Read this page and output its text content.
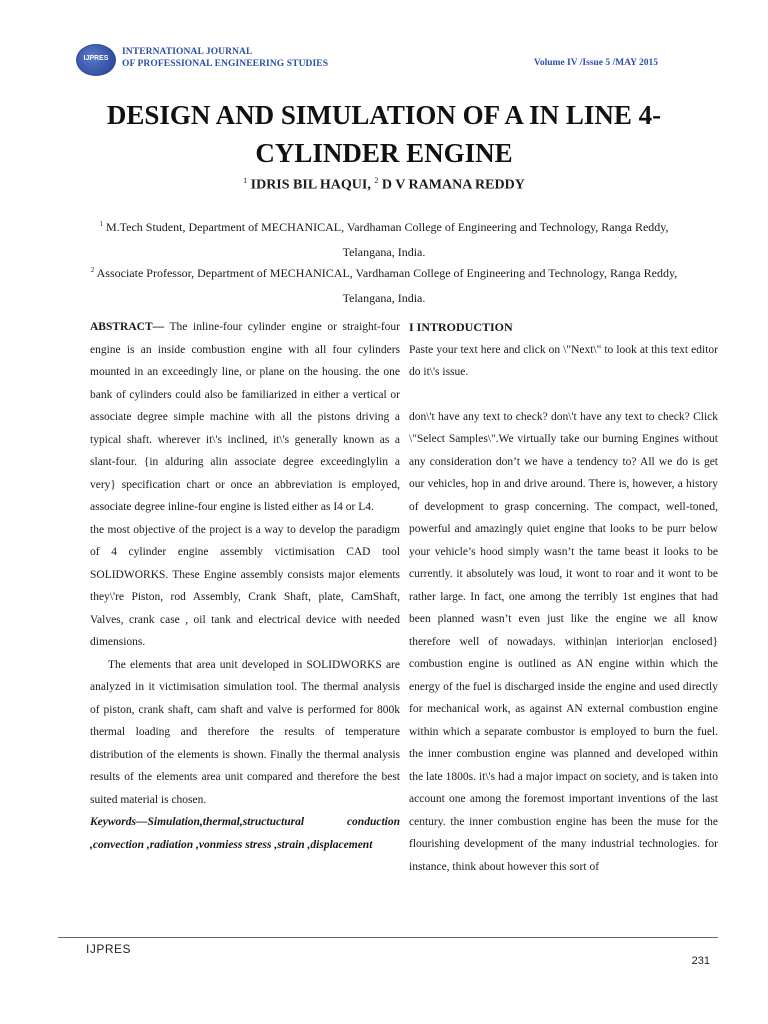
IJPRES
INTERNATIONAL JOURNAL
OF PROFESSIONAL ENGINEERING STUDIES	Volume IV /Issue 5 /MAY 2015
DESIGN AND SIMULATION OF A IN LINE 4-
CYLINDER ENGINE
$^1$ IDRIS BIL HAQUI, $^2$ D V RAMANA REDDY
$^1$ M.Tech Student, Department of MECHANICAL, Vardhaman College of Engineering and Technology, Ranga Reddy, Telangana, India.
$^2$ Associate Professor, Department of MECHANICAL, Vardhaman College of Engineering and Technology, Ranga Reddy, Telangana, India.

ABSTRACT— The inline-four cylinder engine or straight-four engine is an inside combustion engine with all four cylinders mounted in an exceedingly line, or plane on the housing. the one bank of cylinders could also be familiarized in either a vertical or associate degree simple machine with all the pistons driving a typical shaft. wherever it\'s inclined, it\'s generally known as a slant-four. {in alduring alin associate degree exceedinglylin a very} specification chart or once an abbreviation is employed, associate degree inline-four engine is listed either as I4 or L4.

the most objective of the project is a way to develop the paradigm of 4 cylinder engine assembly victimisation CAD tool SOLIDWORKS. These Engine assembly consists major elements they\'re Piston, rod Assembly, Crank Shaft, plate, CamShaft, Valves, crank case , oil tank and electrical device with needed dimensions.

The elements that area unit developed in SOLIDWORKS are analyzed in it victimisation simulation tool. The thermal analysis of piston, crank shaft, cam shaft and valve is performed for 800k thermal loading and therefore the results of temperature distribution of the elements is shown. Finally the thermal analysis results of the elements area unit compared and therefore the best suited material is chosen.

Keywords—Simulation,thermal,structuctural conduction ,convection ,radiation ,vonmiess stress ,strain ,displacement

I INTRODUCTION

Paste your text here and click on \"Next\" to look at this text editor do it\'s issue.

don\'t have any text to check? don\'t have any text to check? Click \"Select Samples\".We virtually take our burning Engines without any consideration don’t we have a tendency to? All we do is get our vehicles, hop in and drive around. There is, however, a history of development to grasp concerning. The compact, well-toned, powerful and amazingly quiet engine that looks to be purr below your vehicle’s hood simply wasn’t the tame beast it looks to be currently. it absolutely was loud, it wont to roar and it wont to be rather large. In fact, one among the terribly 1st engines that had been planned wasn’t even just like the engine we all know therefore well of nowadays. within|an interior|an enclosed} combustion engine is outlined as AN engine within which the energy of the fuel is discharged inside the engine and used directly for mechanical work, as against AN external combustion engine within which a separate combustor is employed to burn the fuel. the inner combustion engine was planned and developed within the late 1800s. it\'s had a major impact on society, and is taken into account one among the foremost important inventions of the last century. the inner combustion engine has been the muse for the flourishing development of the many industrial technologies. for instance, think about however this sort of

IJPRES
231
